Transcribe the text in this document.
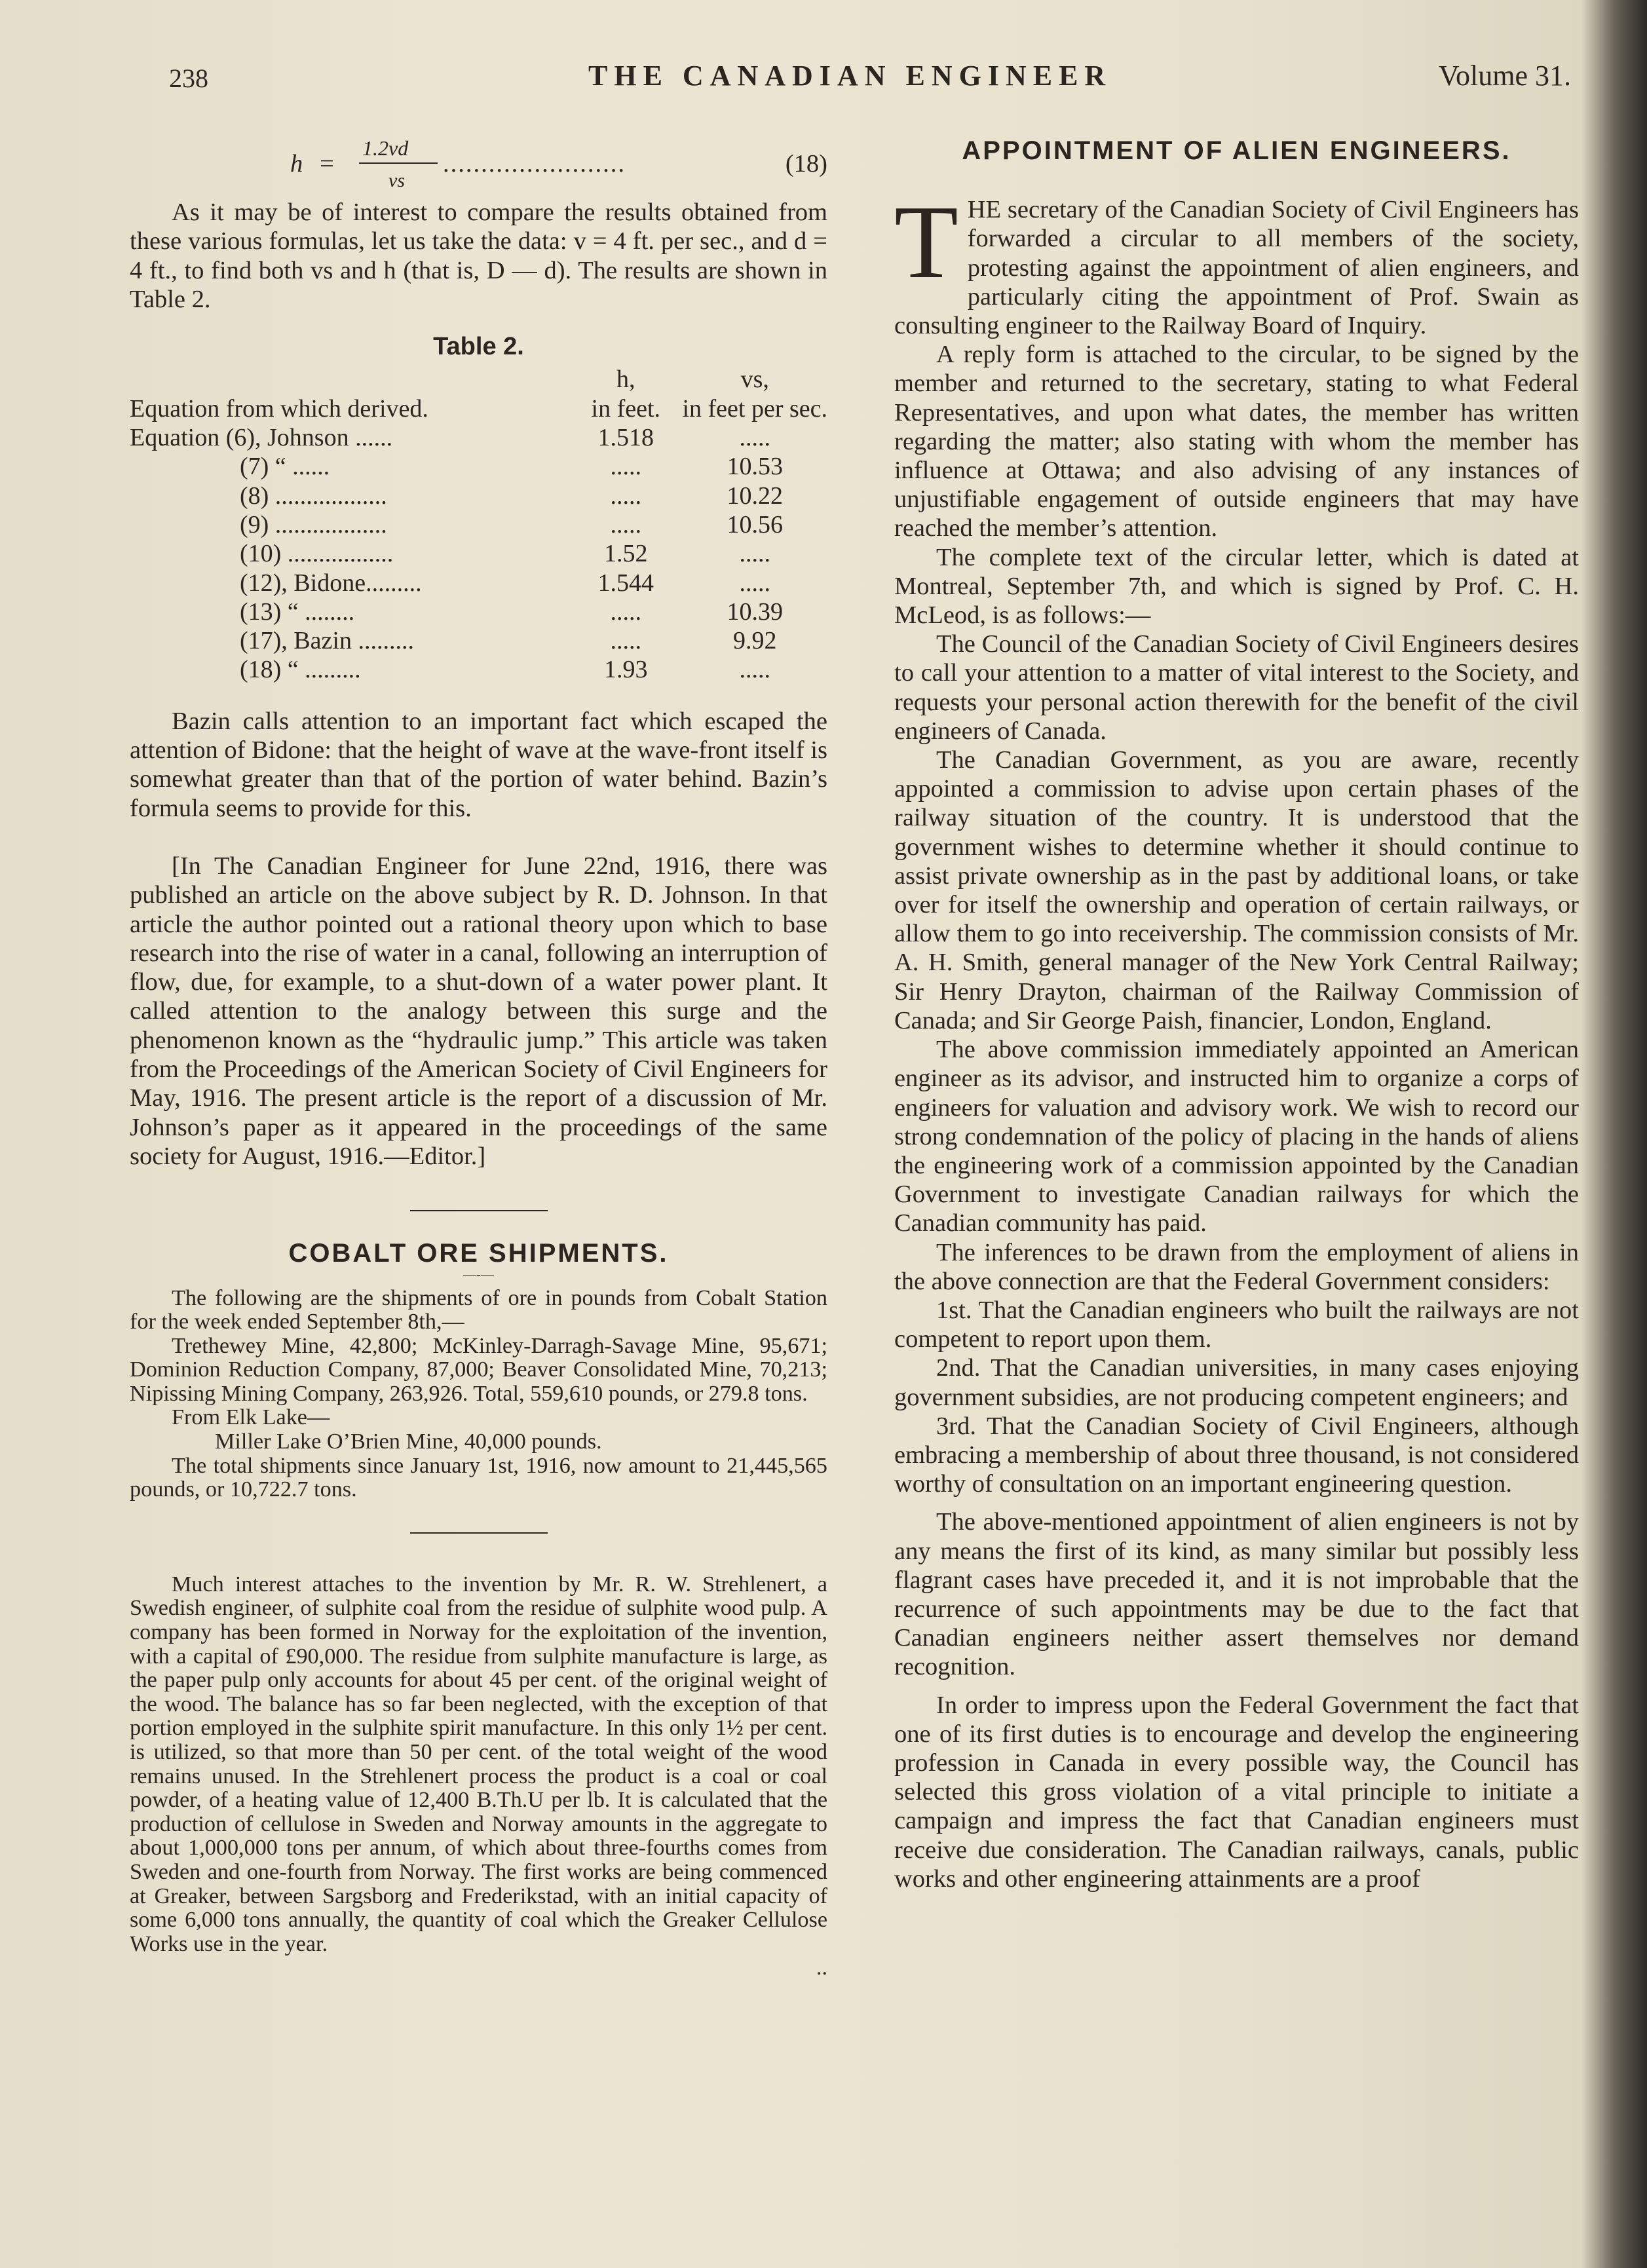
238	THE CANADIAN ENGINEER	Volume 31.
h =
1.2vd
vs
........................	(18)

As it may be of interest to compare the results obtained from these various formulas, let us take the data: v = 4 ft. per sec., and d = 4 ft., to find both vs and h (that is, D — d). The results are shown in Table 2.

Table 2.
	h,	vs,
Equation from which derived.	in feet.	in feet per sec.
Equation (6), Johnson ......	1.518	.....
(7) “ ......	.....	10.53
(8) ..................	.....	10.22
(9) ..................	.....	10.56
(10) .................	1.52	.....
(12), Bidone.........	1.544	.....
(13) “ ........	.....	10.39
(17), Bazin .........	.....	9.92
(18) “ .........	1.93	.....

Bazin calls attention to an important fact which escaped the attention of Bidone: that the height of wave at the wave-front itself is somewhat greater than that of the portion of water behind. Bazin’s formula seems to provide for this.

[In The Canadian Engineer for June 22nd, 1916, there was published an article on the above subject by R. D. Johnson. In that article the author pointed out a rational theory upon which to base research into the rise of water in a canal, following an interruption of flow, due, for example, to a shut-down of a water power plant. It called attention to the analogy between this surge and the phenomenon known as the “hydraulic jump.” This article was taken from the Proceedings of the American Society of Civil Engineers for May, 1916. The present article is the report of a discussion of Mr. Johnson’s paper as it appeared in the proceedings of the same society for August, 1916.—Editor.]

COBALT ORE SHIPMENTS.
—-—

The following are the shipments of ore in pounds from Cobalt Station for the week ended September 8th,—

Trethewey Mine, 42,800; McKinley-Darragh-Savage Mine, 95,671; Dominion Reduction Company, 87,000; Beaver Consolidated Mine, 70,213; Nipissing Mining Company, 263,926. Total, 559,610 pounds, or 279.8 tons.

From Elk Lake—

Miller Lake O’Brien Mine, 40,000 pounds.

The total shipments since January 1st, 1916, now amount to 21,445,565 pounds, or 10,722.7 tons.

Much interest attaches to the invention by Mr. R. W. Strehlenert, a Swedish engineer, of sulphite coal from the residue of sulphite wood pulp. A company has been formed in Norway for the exploitation of the invention, with a capital of £90,000. The residue from sulphite manufacture is large, as the paper pulp only accounts for about 45 per cent. of the original weight of the wood. The balance has so far been neglected, with the exception of that portion employed in the sulphite spirit manufacture. In this only 1½ per cent. is utilized, so that more than 50 per cent. of the total weight of the wood remains unused. In the Strehlenert process the product is a coal or coal powder, of a heating value of 12,400 B.Th.U per lb. It is calculated that the production of cellulose in Sweden and Norway amounts in the aggregate to about 1,000,000 tons per annum, of which about three-fourths comes from Sweden and one-fourth from Norway. The first works are being commenced at Greaker, between Sargsborg and Frederikstad, with an initial capacity of some 6,000 tons annually, the quantity of coal which the Greaker Cellulose Works use in the year.

..

APPOINTMENT OF ALIEN ENGINEERS.
T HE secretary of the Canadian Society of Civil Engineers has forwarded a circular to all members of the society, protesting against the appointment of alien engineers, and particularly citing the appointment of Prof. Swain as consulting engineer to the Railway Board of Inquiry.

A reply form is attached to the circular, to be signed by the member and returned to the secretary, stating to what Federal Representatives, and upon what dates, the member has written regarding the matter; also stating with whom the member has influence at Ottawa; and also advising of any instances of unjustifiable engagement of outside engineers that may have reached the member’s attention.

The complete text of the circular letter, which is dated at Montreal, September 7th, and which is signed by Prof. C. H. McLeod, is as follows:—

The Council of the Canadian Society of Civil Engineers desires to call your attention to a matter of vital interest to the Society, and requests your personal action therewith for the benefit of the civil engineers of Canada.

The Canadian Government, as you are aware, recently appointed a commission to advise upon certain phases of the railway situation of the country. It is understood that the government wishes to determine whether it should continue to assist private ownership as in the past by additional loans, or take over for itself the ownership and operation of certain railways, or allow them to go into receivership. The commission consists of Mr. A. H. Smith, general manager of the New York Central Railway; Sir Henry Drayton, chairman of the Railway Commission of Canada; and Sir George Paish, financier, London, England.

The above commission immediately appointed an American engineer as its advisor, and instructed him to organize a corps of engineers for valuation and advisory work. We wish to record our strong condemnation of the policy of placing in the hands of aliens the engineering work of a commission appointed by the Canadian Government to investigate Canadian railways for which the Canadian community has paid.

The inferences to be drawn from the employment of aliens in the above connection are that the Federal Government considers:

1st. That the Canadian engineers who built the railways are not competent to report upon them.

2nd. That the Canadian universities, in many cases enjoying government subsidies, are not producing competent engineers; and

3rd. That the Canadian Society of Civil Engineers, although embracing a membership of about three thousand, is not considered worthy of consultation on an important engineering question.

The above-mentioned appointment of alien engineers is not by any means the first of its kind, as many similar but possibly less flagrant cases have preceded it, and it is not improbable that the recurrence of such appointments may be due to the fact that Canadian engineers neither assert themselves nor demand recognition.

In order to impress upon the Federal Government the fact that one of its first duties is to encourage and develop the engineering profession in Canada in every possible way, the Council has selected this gross violation of a vital principle to initiate a campaign and impress the fact that Canadian engineers must receive due consideration. The Canadian railways, canals, public works and other engineering attainments are a proof
